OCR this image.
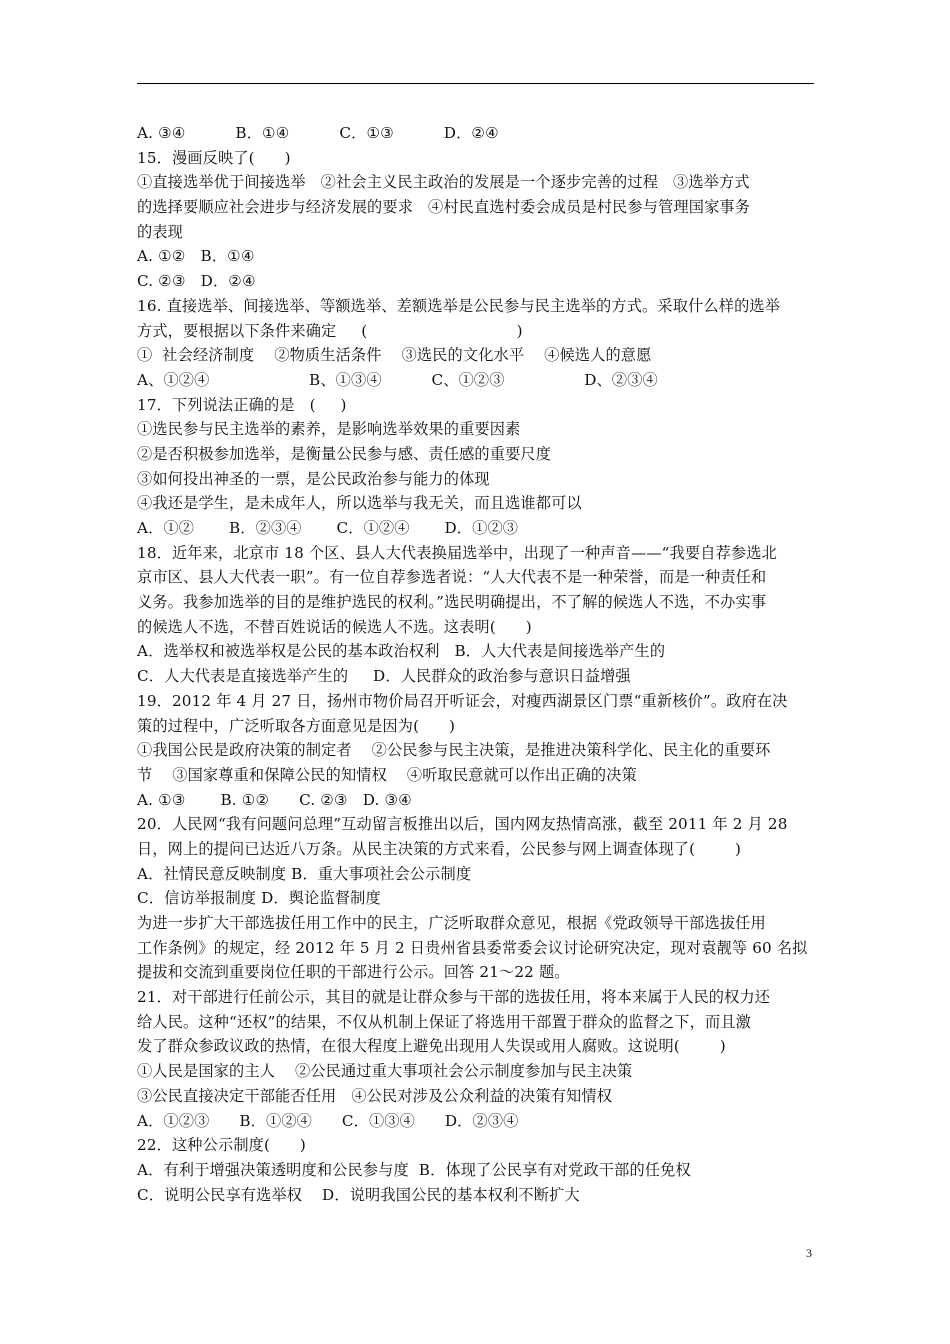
A. ③④          B．①④          C．①③          D．②④
15．漫画反映了(      )
①直接选举优于间接选举   ②社会主义民主政治的发展是一个逐步完善的过程   ③选举方式
的选择要顺应社会进步与经济发展的要求   ④村民直选村委会成员是村民参与管理国家事务
的表现
A. ①②   B．①④
C. ②③   D．②④
16. 直接选举、间接选举、等额选举、差额选举是公民参与民主选举的方式。采取什么样的选举
方式，要根据以下条件来确定     (                              )
①  社会经济制度    ②物质生活条件    ③选民的文化水平    ④候选人的意愿
A、①②④                    B、①③④          C、①②③                D、②③④
17．下列说法正确的是   (     )
①选民参与民主选举的素养，是影响选举效果的重要因素
②是否积极参加选举，是衡量公民参与感、责任感的重要尺度
③如何投出神圣的一票，是公民政治参与能力的体现
④我还是学生，是未成年人，所以选举与我无关，而且选谁都可以
A．①②       B．②③④       C．①②④       D．①②③
18．近年来，北京市 18 个区、县人大代表换届选举中，出现了一种声音——“我要自荐参选北
京市区、县人大代表一职”。有一位自荐参选者说：“人大代表不是一种荣誉，而是一种责任和
义务。我参加选举的目的是维护选民的权利。”选民明确提出，不了解的候选人不选，不办实事
的候选人不选，不替百姓说话的候选人不选。这表明(      )
A．选举权和被选举权是公民的基本政治权利   B．人大代表是间接选举产生的
C．人大代表是直接选举产生的     D．人民群众的政治参与意识日益增强
19．2012 年 4 月 27 日，扬州市物价局召开听证会，对瘦西湖景区门票“重新核价”。政府在决
策的过程中，广泛听取各方面意见是因为(      )
①我国公民是政府决策的制定者    ②公民参与民主决策，是推进决策科学化、民主化的重要环
节    ③国家尊重和保障公民的知情权    ④听取民意就可以作出正确的决策
A. ①③       B. ①②      C. ②③   D. ③④
20．人民网“我有问题问总理”互动留言板推出以后，国内网友热情高涨，截至 2011 年 2 月 28
日，网上的提问已达近八万条。从民主决策的方式来看，公民参与网上调查体现了(        )
A．社情民意反映制度 B．重大事项社会公示制度
C．信访举报制度 D．舆论监督制度
为进一步扩大干部选拔任用工作中的民主，广泛听取群众意见，根据《党政领导干部选拔任用
工作条例》的规定，经 2012 年 5 月 2 日贵州省县委常委会议讨论研究决定，现对袁靓等 60 名拟
提拔和交流到重要岗位任职的干部进行公示。回答 21～22 题。
21．对干部进行任前公示，其目的就是让群众参与干部的选拔任用，将本来属于人民的权力还
给人民。这种“还权”的结果，不仅从机制上保证了将选用干部置于群众的监督之下，而且激
发了群众参政议政的热情，在很大程度上避免出现用人失误或用人腐败。这说明(        )
①人民是国家的主人    ②公民通过重大事项社会公示制度参加与民主决策
③公民直接决定干部能否任用   ④公民对涉及公众利益的决策有知情权
A．①②③      B．①②④      C．①③④      D．②③④
22．这种公示制度(      )
A．有利于增强决策透明度和公民参与度  B．体现了公民享有对党政干部的任免权
C．说明公民享有选举权    D．说明我国公民的基本权利不断扩大
3
